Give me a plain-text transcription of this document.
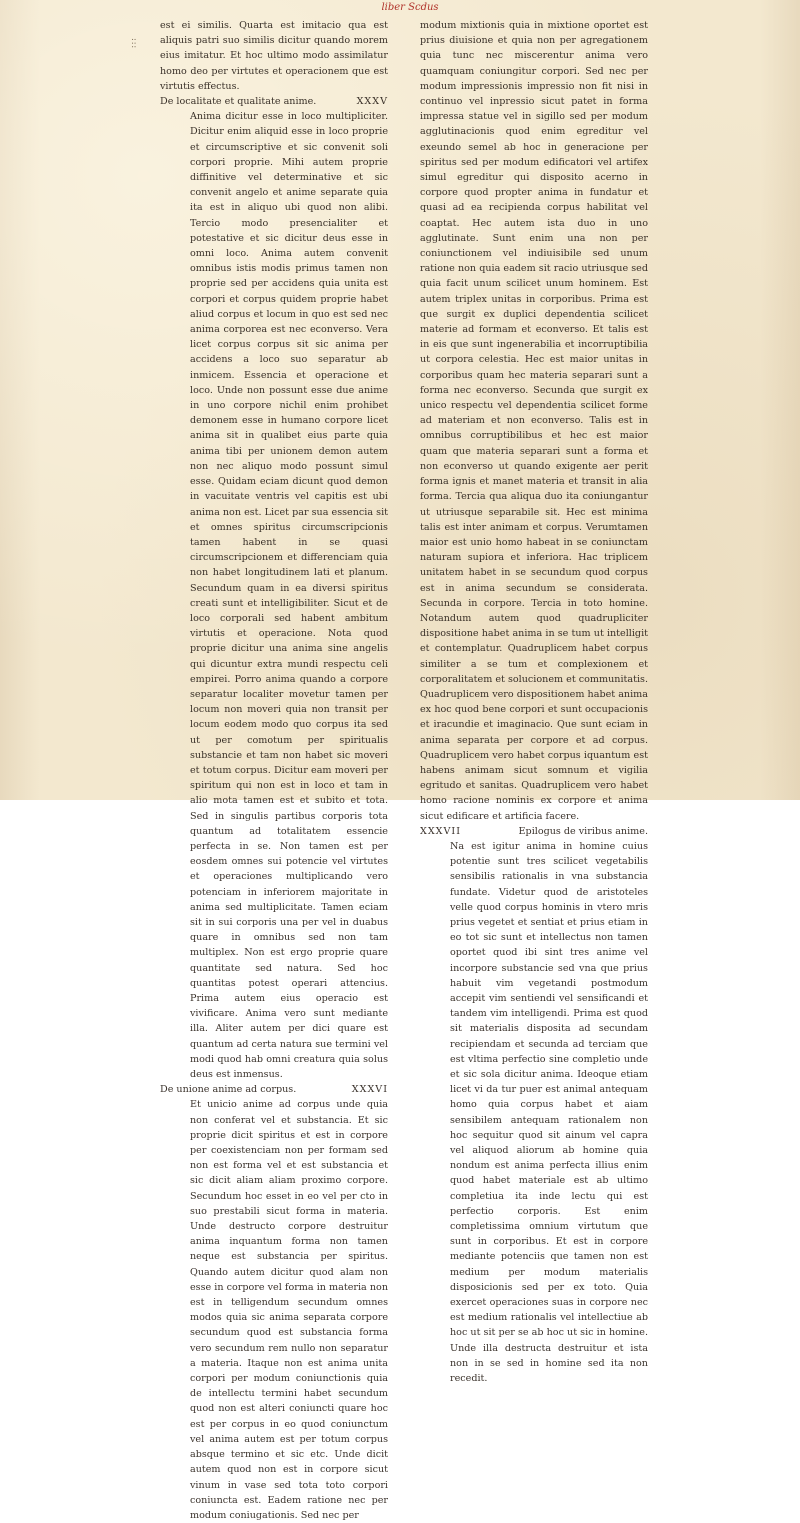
liber Scdus
:::

est ei similis. Quarta est imitacio qua est aliquis patri suo similis dicitur quando morem eius imitatur. Et hoc ultimo modo assimilatur homo deo per virtutes et operacionem que est virtutis effectus.

De localitate et qualitate anime.	XXXV

Anima dicitur esse in loco multipliciter. Dicitur enim aliquid esse in loco proprie et circumscriptive et sic convenit soli corpori proprie. Mihi autem proprie diffinitive vel determinative et sic convenit angelo et anime separate quia ita est in aliquo ubi quod non alibi. Tercio modo presencialiter et potestative et sic dicitur deus esse in omni loco. Anima autem convenit omnibus istis modis primus tamen non proprie sed per accidens quia unita est corpori et corpus quidem proprie habet aliud corpus et locum in quo est sed nec anima corporea est nec econverso. Vera licet corpus corpus sit sic anima per accidens a loco suo separatur ab inmicem. Essencia et operacione et loco. Unde non possunt esse due anime in uno corpore nichil enim prohibet demonem esse in humano corpore licet anima sit in qualibet eius parte quia anima tibi per unionem demon autem non nec aliquo modo possunt simul esse. Quidam eciam dicunt quod demon in vacuitate ventris vel capitis est ubi anima non est. Licet par sua essencia sit et omnes spiritus circumscripcionis tamen habent in se quasi circumscripcionem et differenciam quia non habet longitudinem lati et planum. Secundum quam in ea diversi spiritus creati sunt et intelligibiliter. Sicut et de loco corporali sed habent ambitum virtutis et operacione. Nota quod proprie dicitur una anima sine angelis qui dicuntur extra mundi respectu celi empirei. Porro anima quando a corpore separatur localiter movetur tamen per locum non moveri quia non transit per locum eodem modo quo corpus ita sed ut per comotum per spiritualis substancie et tam non habet sic moveri et totum corpus. Dicitur eam moveri per spiritum qui non est in loco et tam in alio mota tamen est et subito et tota. Sed in singulis partibus corporis tota quantum ad totalitatem essencie perfecta in se. Non tamen est per eosdem omnes sui potencie vel virtutes et operaciones multiplicando vero potenciam in inferiorem majoritate in anima sed multiplicitate. Tamen eciam sit in sui corporis una per vel in duabus quare in omnibus sed non tam multiplex. Non est ergo proprie quare quantitate sed natura. Sed hoc quantitas potest operari attencius. Prima autem eius operacio est vivificare. Anima vero sunt mediante illa. Aliter autem per dici quare est quantum ad certa natura sue termini vel modi quod hab omni creatura quia solus deus est inmensus.

De unione anime ad corpus.	XXXVI

Et unicio anime ad corpus unde quia non conferat vel et substancia. Et sic proprie dicit spiritus et est in corpore per coexistenciam non per formam sed non est forma vel et est substancia et sic dicit aliam aliam proximo corpore. Secundum hoc esset in eo vel per cto in suo prestabili sicut forma in materia. Unde destructo corpore destruitur anima inquantum forma non tamen neque est substancia per spiritus. Quando autem dicitur quod alam non esse in corpore vel forma in materia non est in telligendum secundum omnes modos quia sic anima separata corpore secundum quod est substancia forma vero secundum rem nullo non separatur a materia. Itaque non est anima unita corpori per modum coniunctionis quia de intellectu termini habet secundum quod non est alteri coniuncti quare hoc est per corpus in eo quod coniunctum vel anima autem est per totum corpus absque termino et sic etc. Unde dicit autem quod non est in corpore sicut vinum in vase sed tota toto corpori coniuncta est. Eadem ratione nec per modum coniugationis. Sed nec per

modum mixtionis quia in mixtione oportet est prius diuisione et quia non per agregationem quia tunc nec miscerentur anima vero quamquam coniungitur corpori. Sed nec per modum impressionis impressio non fit nisi in continuo vel inpressio sicut patet in forma impressa statue vel in sigillo sed per modum agglutinacionis quod enim egreditur vel exeundo semel ab hoc in generacione per spiritus sed per modum edificatori vel artifex simul egreditur qui disposito acerno in corpore quod propter anima in fundatur et quasi ad ea recipienda corpus habilitat vel coaptat. Hec autem ista duo in uno agglutinate. Sunt enim una non per coniunctionem vel indiuisibile sed unum ratione non quia eadem sit racio utriusque sed quia facit unum scilicet unum hominem. Est autem triplex unitas in corporibus. Prima est que surgit ex duplici dependentia scilicet materie ad formam et econverso. Et talis est in eis que sunt ingenerabilia et incorruptibilia ut corpora celestia. Hec est maior unitas in corporibus quam hec materia separari sunt a forma nec econverso. Secunda que surgit ex unico respectu vel dependentia scilicet forme ad materiam et non econverso. Talis est in omnibus corruptibilibus et hec est maior quam que materia separari sunt a forma et non econverso ut quando exigente aer perit forma ignis et manet materia et transit in alia forma. Tercia qua aliqua duo ita coniungantur ut utriusque separabile sit. Hec est minima talis est inter animam et corpus. Verumtamen maior est unio homo habeat in se coniunctam naturam supiora et inferiora. Hac triplicem unitatem habet in se secundum quod corpus est in anima secundum se considerata. Secunda in corpore. Tercia in toto homine. Notandum autem quod quadrupliciter dispositione habet anima in se tum ut intelligit et contemplatur. Quadruplicem habet corpus similiter a se tum et complexionem et corporalitatem et solucionem et communitatis. Quadruplicem vero dispositionem habet anima ex hoc quod bene corpori et sunt occupacionis et iracundie et imaginacio. Que sunt eciam in anima separata per corpore et ad corpus. Quadruplicem vero habet corpus iquantum est habens animam sicut somnum et vigilia egritudo et sanitas. Quadruplicem vero habet homo racione nominis ex corpore et anima sicut edificare et artificia facere.

XXXVII	Epilogus de viribus anime.

Na est igitur anima in homine cuius potentie sunt tres scilicet vegetabilis sensibilis rationalis in vna substancia fundate. Videtur quod de aristoteles velle quod corpus hominis in vtero mris prius vegetet et sentiat et prius etiam in eo tot sic sunt et intellectus non tamen oportet quod ibi sint tres anime vel incorpore substancie sed vna que prius habuit vim vegetandi postmodum accepit vim sentiendi vel sensificandi et tandem vim intelligendi. Prima est quod sit materialis disposita ad secundam recipiendam et secunda ad terciam que est vltima perfectio sine completio unde et sic sola dicitur anima. Ideoque etiam licet vi da tur puer est animal antequam homo quia corpus habet et aiam sensibilem antequam rationalem non hoc sequitur quod sit ainum vel capra vel aliquod aliorum ab homine quia nondum est anima perfecta illius enim quod habet materiale est ab ultimo completiua ita inde lectu qui est perfectio corporis. Est enim completissima omnium virtutum que sunt in corporibus. Et est in corpore mediante potenciis que tamen non est medium per modum materialis disposicionis sed per ex toto. Quia exercet operaciones suas in corpore nec est medium rationalis vel intellectiue ab hoc ut sit per se ab hoc ut sic in homine. Unde illa destructa destruitur et ista non in se sed in homine sed ita non recedit.
